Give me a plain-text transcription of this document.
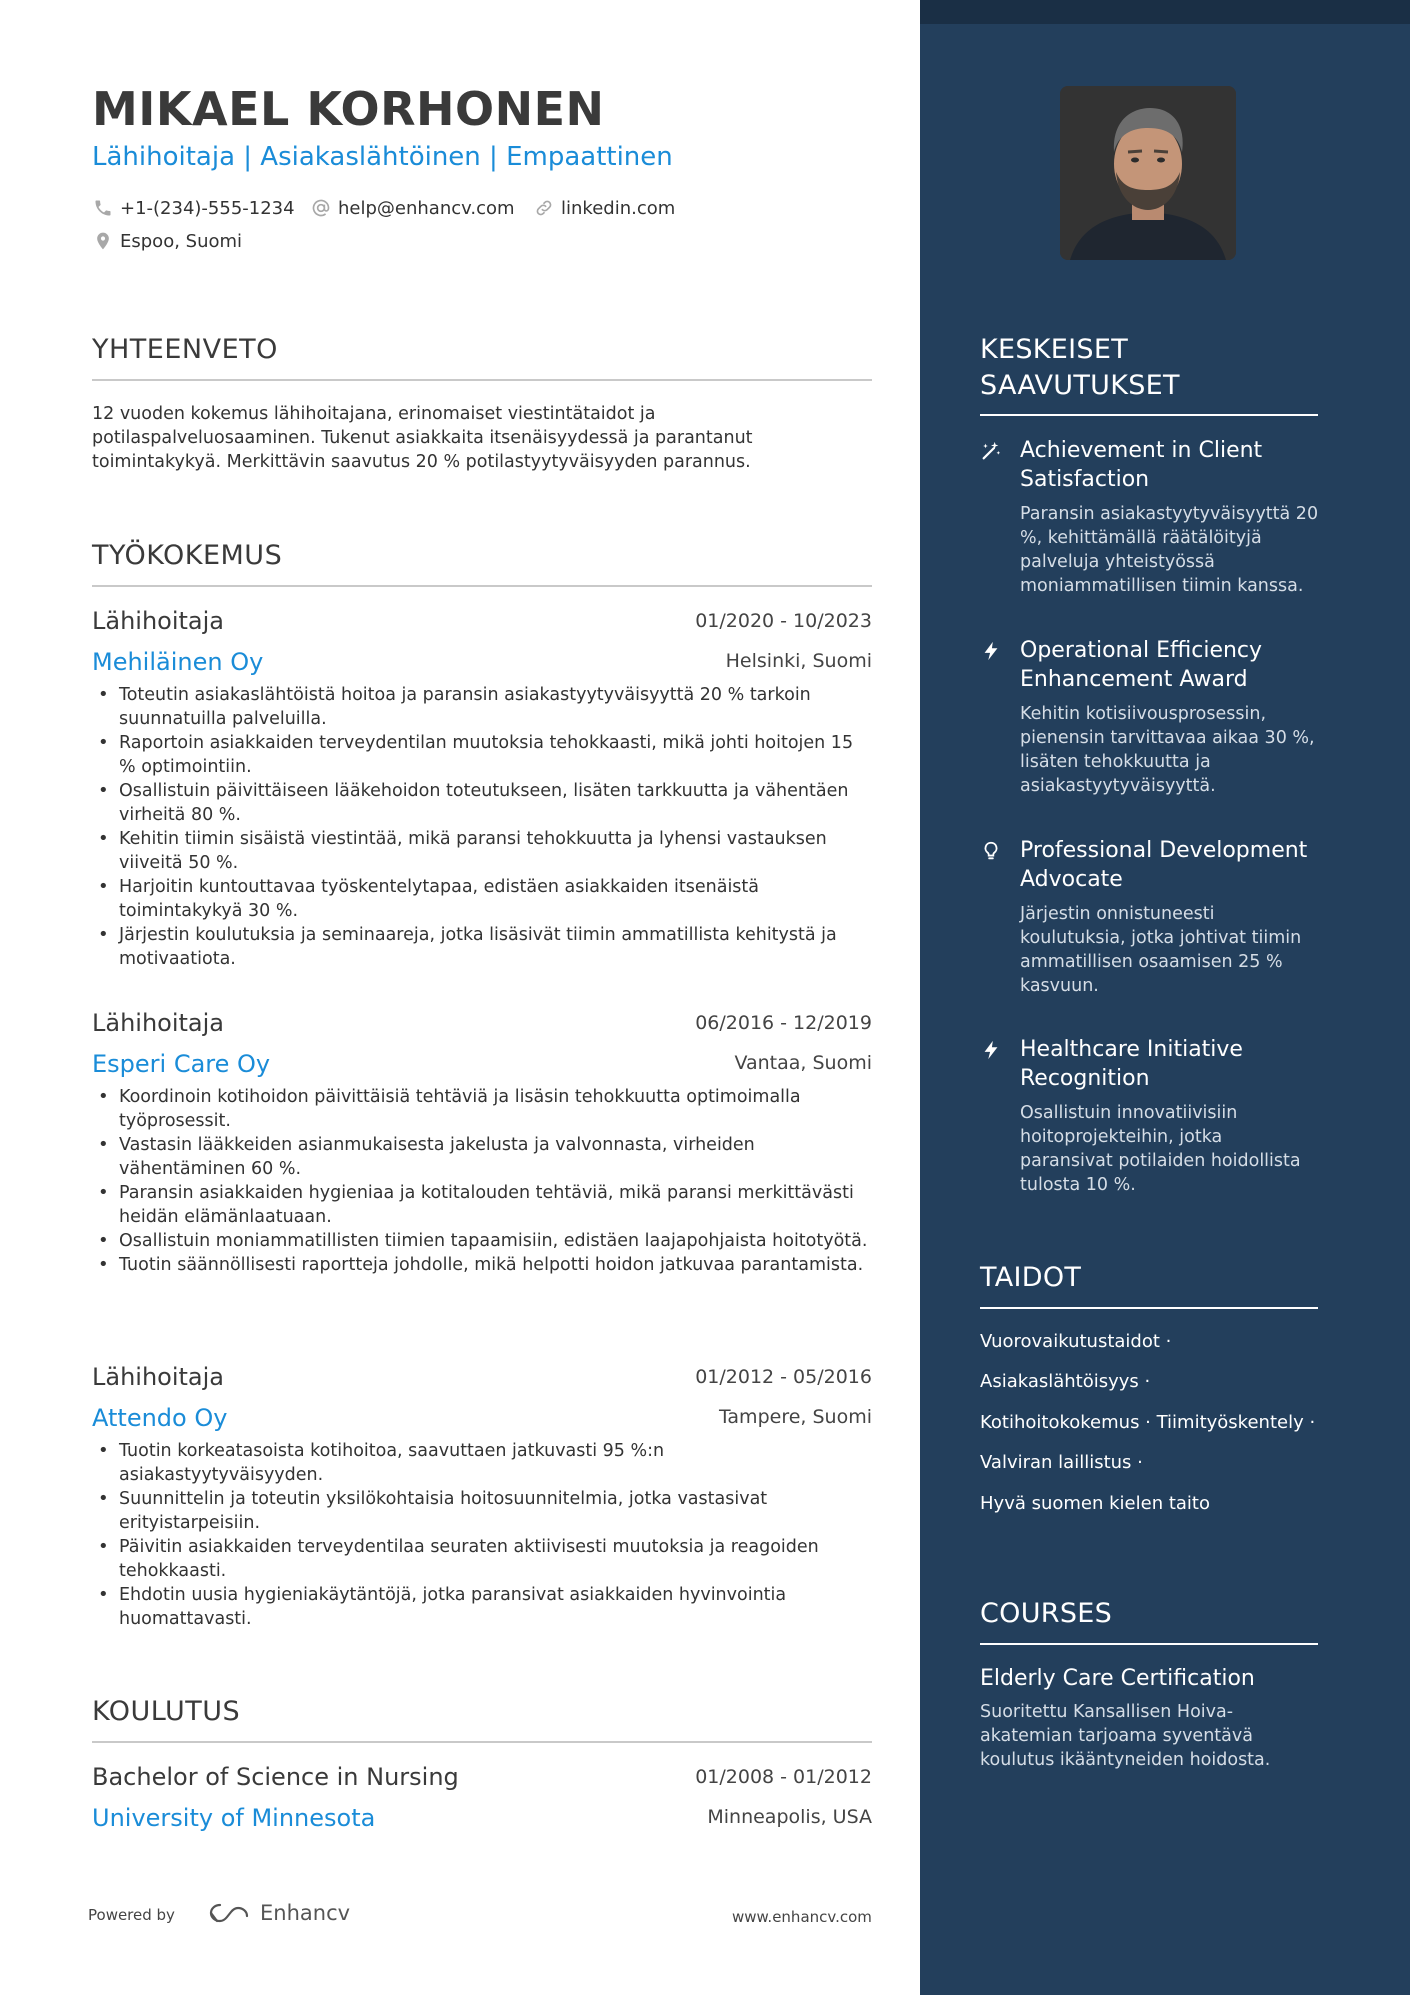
MIKAEL KORHONEN
Lähihoitaja | Asiakaslähtöinen | Empaattinen
+1-(234)-555-1234 help@enhancv.com	linkedin.com
Espoo, Suomi
YHTEENVETO
12 vuoden kokemus lähihoitajana, erinomaiset viestintätaidot ja potilaspalveluosaaminen. Tukenut asiakkaita itsenäisyydessä ja parantanut toimintakykyä. Merkittävin saavutus 20 % potilastyytyväisyyden parannus.
TYÖKOKEMUS
Lähihoitaja	01/2020 - 10/2023
Mehiläinen Oy	Helsinki, Suomi
• Toteutin asiakaslähtöistä hoitoa ja paransin asiakastyytyväisyyttä 20 % tarkoin suunnatuilla palveluilla.
• Raportoin asiakkaiden terveydentilan muutoksia tehokkaasti, mikä johti hoitojen 15 % optimointiin.
• Osallistuin päivittäiseen lääkehoidon toteutukseen, lisäten tarkkuutta ja vähentäen virheitä 80 %.
• Kehitin tiimin sisäistä viestintää, mikä paransi tehokkuutta ja lyhensi vastauksen viiveitä 50 %.
• Harjoitin kuntouttavaa työskentelytapaa, edistäen asiakkaiden itsenäistä toimintakykyä 30 %.
• Järjestin koulutuksia ja seminaareja, jotka lisäsivät tiimin ammatillista kehitystä ja motivaatiota.
Lähihoitaja	06/2016 - 12/2019
Esperi Care Oy	Vantaa, Suomi
• Koordinoin kotihoidon päivittäisiä tehtäviä ja lisäsin tehokkuutta optimoimalla työprosessit.
• Vastasin lääkkeiden asianmukaisesta jakelusta ja valvonnasta, virheiden vähentäminen 60 %.
• Paransin asiakkaiden hygieniaa ja kotitalouden tehtäviä, mikä paransi merkittävästi heidän elämänlaatuaan.
• Osallistuin moniammatillisten tiimien tapaamisiin, edistäen laajapohjaista hoitotyötä.
• Tuotin säännöllisesti raportteja johdolle, mikä helpotti hoidon jatkuvaa parantamista.
Lähihoitaja	01/2012 - 05/2016
Attendo Oy	Tampere, Suomi
• Tuotin korkeatasoista kotihoitoa, saavuttaen jatkuvasti 95 %:n asiakastyytyväisyyden.
• Suunnittelin ja toteutin yksilökohtaisia hoitosuunnitelmia, jotka vastasivat erityistarpeisiin.
• Päivitin asiakkaiden terveydentilaa seuraten aktiivisesti muutoksia ja reagoiden tehokkaasti.
• Ehdotin uusia hygieniakäytäntöjä, jotka paransivat asiakkaiden hyvinvointia huomattavasti.
KOULUTUS
Bachelor of Science in Nursing	01/2008 - 01/2012
University of Minnesota	Minneapolis, USA
Powered by	Enhancv	www.enhancv.com
KESKEISET SAAVUTUKSET
Achievement in Client Satisfaction
Paransin asiakastyytyväisyyttä 20 %, kehittämällä räätälöityjä palveluja yhteistyössä moniammatillisen tiimin kanssa.
Operational Efficiency Enhancement Award
Kehitin kotisiivousprosessin, pienensin tarvittavaa aikaa 30 %, lisäten tehokkuutta ja asiakastyytyväisyyttä.
Professional Development Advocate
Järjestin onnistuneesti koulutuksia, jotka johtivat tiimin ammatillisen osaamisen 25 % kasvuun.
Healthcare Initiative Recognition
Osallistuin innovatiivisiin hoitoprojekteihin, jotka paransivat potilaiden hoidollista tulosta 10 %.
TAIDOT
Vuorovaikutustaidot ·
Asiakaslähtöisyys ·
Kotihoitokokemus · Tiimityöskentely ·
Valviran laillistus ·
Hyvä suomen kielen taito
COURSES
Elderly Care Certification
Suoritettu Kansallisen Hoiva-akatemian tarjoama syventävä koulutus ikääntyneiden hoidosta.
